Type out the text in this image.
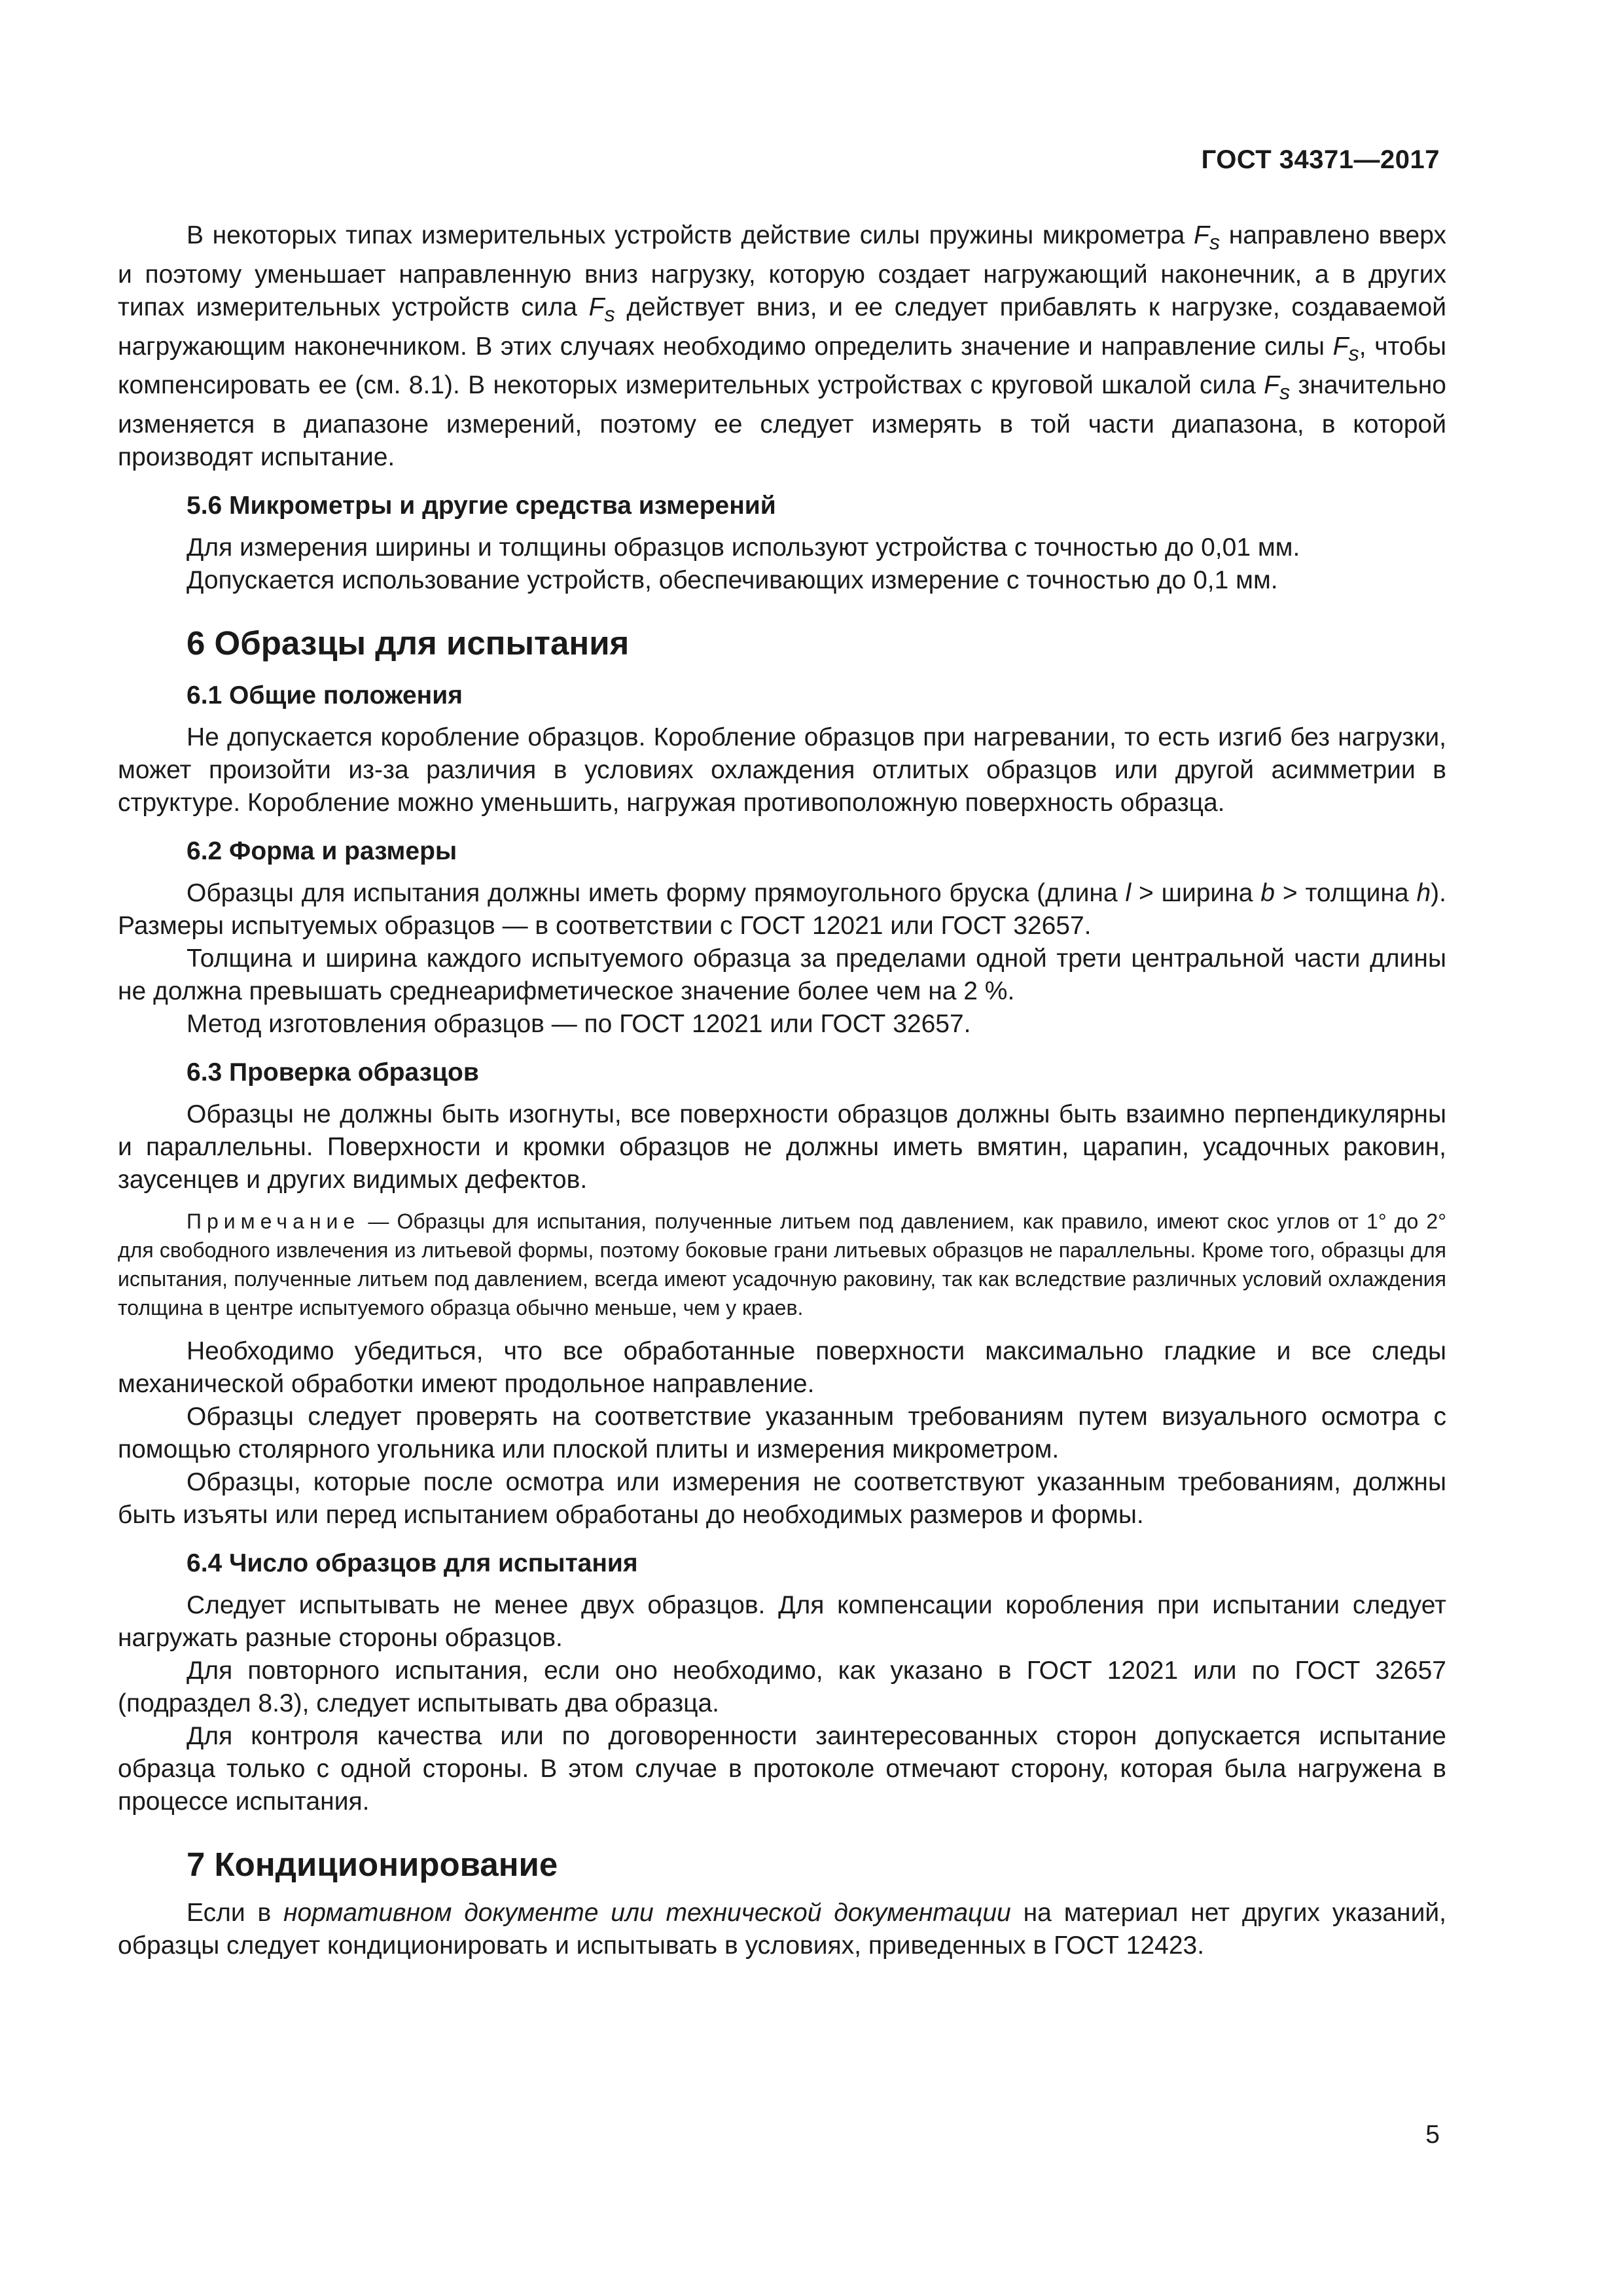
ГОСТ 34371—2017

В некоторых типах измерительных устройств действие силы пружины микрометра $F_s$ направлено вверх и поэтому уменьшает направленную вниз нагрузку, которую создает нагружающий наконечник, а в других типах измерительных устройств сила $F_s$ действует вниз, и ее следует прибавлять к нагрузке, создаваемой нагружающим наконечником. В этих случаях необходимо определить значение и направление силы $F_s$, чтобы компенсировать ее (см. 8.1). В некоторых измерительных устройствах с круговой шкалой сила $F_s$ значительно изменяется в диапазоне измерений, поэтому ее следует измерять в той части диапазона, в которой производят испытание.

5.6 Микрометры и другие средства измерений

Для измерения ширины и толщины образцов используют устройства с точностью до 0,01 мм.

Допускается использование устройств, обеспечивающих измерение с точностью до 0,1 мм.

6 Образцы для испытания
6.1 Общие положения

Не допускается коробление образцов. Коробление образцов при нагревании, то есть изгиб без нагрузки, может произойти из-за различия в условиях охлаждения отлитых образцов или другой асимметрии в структуре. Коробление можно уменьшить, нагружая противоположную поверхность образца.

6.2 Форма и размеры

Образцы для испытания должны иметь форму прямоугольного бруска (длина l > ширина b > толщина h). Размеры испытуемых образцов — в соответствии с ГОСТ 12021 или ГОСТ 32657.

Толщина и ширина каждого испытуемого образца за пределами одной трети центральной части длины не должна превышать среднеарифметическое значение более чем на 2 %.

Метод изготовления образцов — по ГОСТ 12021 или ГОСТ 32657.

6.3 Проверка образцов

Образцы не должны быть изогнуты, все поверхности образцов должны быть взаимно перпендикулярны и параллельны. Поверхности и кромки образцов не должны иметь вмятин, царапин, усадочных раковин, заусенцев и других видимых дефектов.

Примечание — Образцы для испытания, полученные литьем под давлением, как правило, имеют скос углов от 1° до 2° для свободного извлечения из литьевой формы, поэтому боковые грани литьевых образцов не параллельны. Кроме того, образцы для испытания, полученные литьем под давлением, всегда имеют усадочную раковину, так как вследствие различных условий охлаждения толщина в центре испытуемого образца обычно меньше, чем у краев.

Необходимо убедиться, что все обработанные поверхности максимально гладкие и все следы механической обработки имеют продольное направление.

Образцы следует проверять на соответствие указанным требованиям путем визуального осмотра с помощью столярного угольника или плоской плиты и измерения микрометром.

Образцы, которые после осмотра или измерения не соответствуют указанным требованиям, должны быть изъяты или перед испытанием обработаны до необходимых размеров и формы.

6.4 Число образцов для испытания

Следует испытывать не менее двух образцов. Для компенсации коробления при испытании следует нагружать разные стороны образцов.

Для повторного испытания, если оно необходимо, как указано в ГОСТ 12021 или по ГОСТ 32657 (подраздел 8.3), следует испытывать два образца.

Для контроля качества или по договоренности заинтересованных сторон допускается испытание образца только с одной стороны. В этом случае в протоколе отмечают сторону, которая была нагружена в процессе испытания.

7 Кондиционирование

Если в нормативном документе или технической документации на материал нет других указаний, образцы следует кондиционировать и испытывать в условиях, приведенных в ГОСТ 12423.

5
